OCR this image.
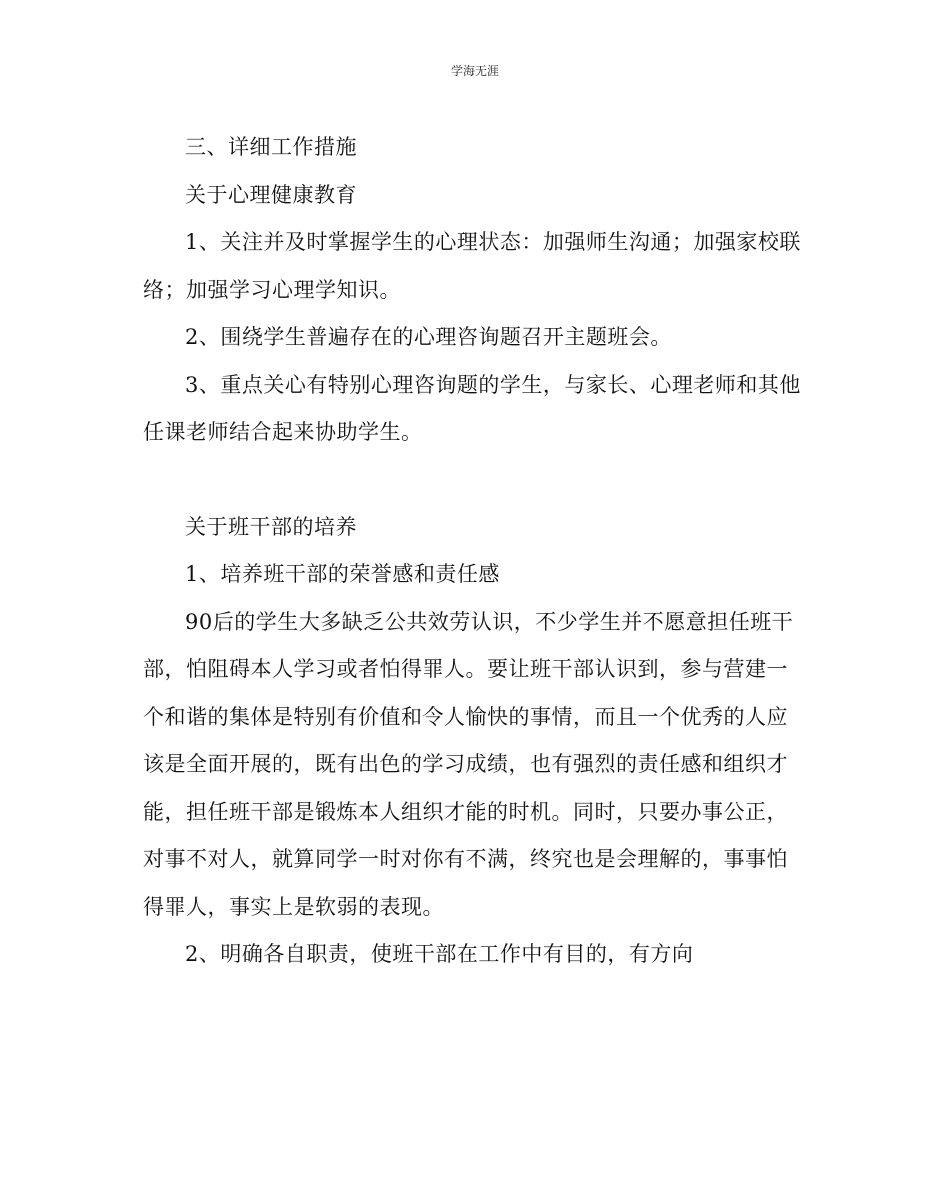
学海无涯

三、详细工作措施

关于心理健康教育

1、关注并及时掌握学生的心理状态：加强师生沟通；加强家校联络；加强学习心理学知识。

2、围绕学生普遍存在的心理咨询题召开主题班会。

3、重点关心有特别心理咨询题的学生，与家长、心理老师和其他任课老师结合起来协助学生。

关于班干部的培养

1、培养班干部的荣誉感和责任感

90后的学生大多缺乏公共效劳认识，不少学生并不愿意担任班干部，怕阻碍本人学习或者怕得罪人。要让班干部认识到，参与营建一个和谐的集体是特别有价值和令人愉快的事情，而且一个优秀的人应该是全面开展的，既有出色的学习成绩，也有强烈的责任感和组织才能，担任班干部是锻炼本人组织才能的时机。同时，只要办事公正，对事不对人，就算同学一时对你有不满，终究也是会理解的，事事怕得罪人，事实上是软弱的表现。

2、明确各自职责，使班干部在工作中有目的，有方向
